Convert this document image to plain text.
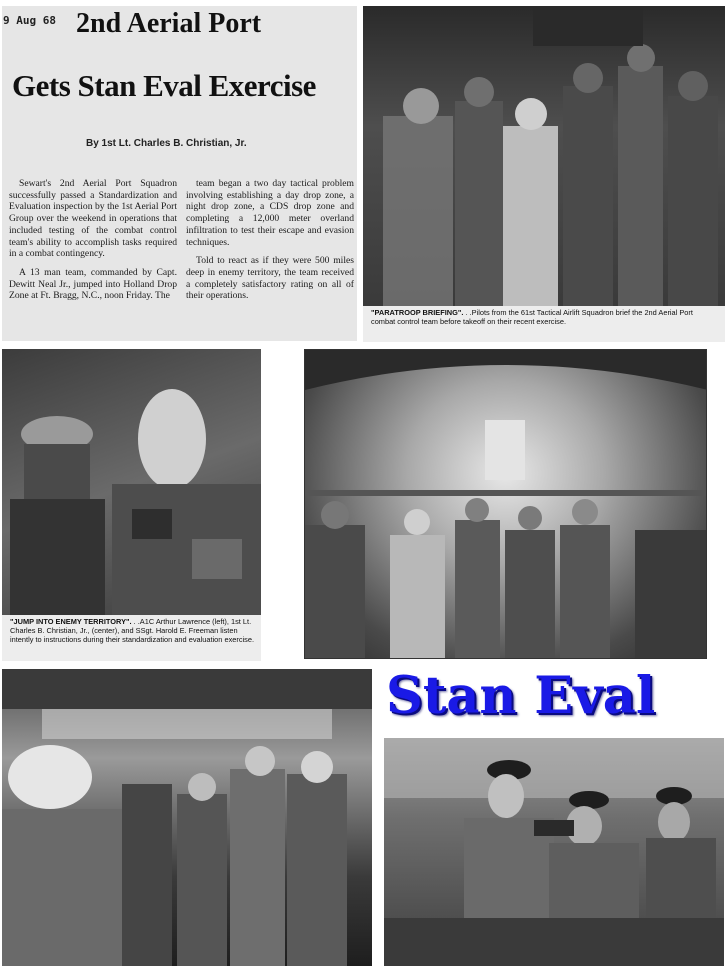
9 Aug 68 2nd Aerial Port
Gets Stan Eval Exercise
By 1st Lt. Charles B. Christian, Jr.

Sewart's 2nd Aerial Port Squadron successfully passed a Standardization and Evaluation inspection by the 1st Aerial Port Group over the weekend in operations that included testing of the combat control team's ability to accomplish tasks required in a combat contingency.

A 13 man team, commanded by Capt. Dewitt Neal Jr., jumped into Holland Drop Zone at Ft. Bragg, N.C., noon Friday. The

team began a two day tactical problem involving establishing a day drop zone, a night drop zone, a CDS drop zone and completing a 12,000 meter overland infiltration to test their escape and evasion techniques.

Told to react as if they were 500 miles deep in enemy territory, the team received a completely satisfactory rating on all of their operations.

"PARATROOP BRIEFING". . .Pilots from the 61st Tactical Airlift Squadron brief the 2nd Aerial Port combat control team before takeoff on their recent exercise.
"JUMP INTO ENEMY TERRITORY". . .A1C Arthur Lawrence (left), 1st Lt. Charles B. Christian, Jr., (center), and SSgt. Harold E. Freeman listen intently to instructions during their standardization and evaluation exercise.
Stan Eval
